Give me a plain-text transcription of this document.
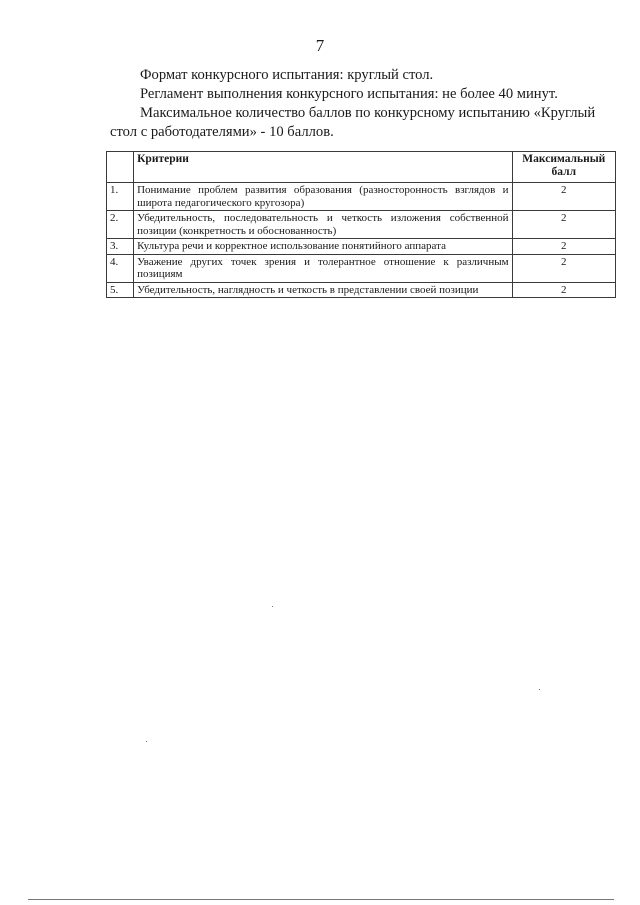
7
Формат конкурсного испытания: круглый стол.
Регламент выполнения конкурсного испытания: не более 40 минут.
Максимальное количество баллов по конкурсному испытанию «Круглый
стол с работодателями» - 10 баллов.
	Критерии	Максимальный балл
1.	Понимание проблем развития образования (разносторонность взглядов и широта педагогического кругозора)	2
2.	Убедительность, последовательность и четкость изложения собственной позиции (конкретность и обоснованность)	2
3.	Культура речи и корректное использование понятийного аппарата	2
4.	Уважение других точек зрения и толерантное отношение к различным позициям	2
5.	Убедительность, наглядность и четкость в представлении своей позиции	2
